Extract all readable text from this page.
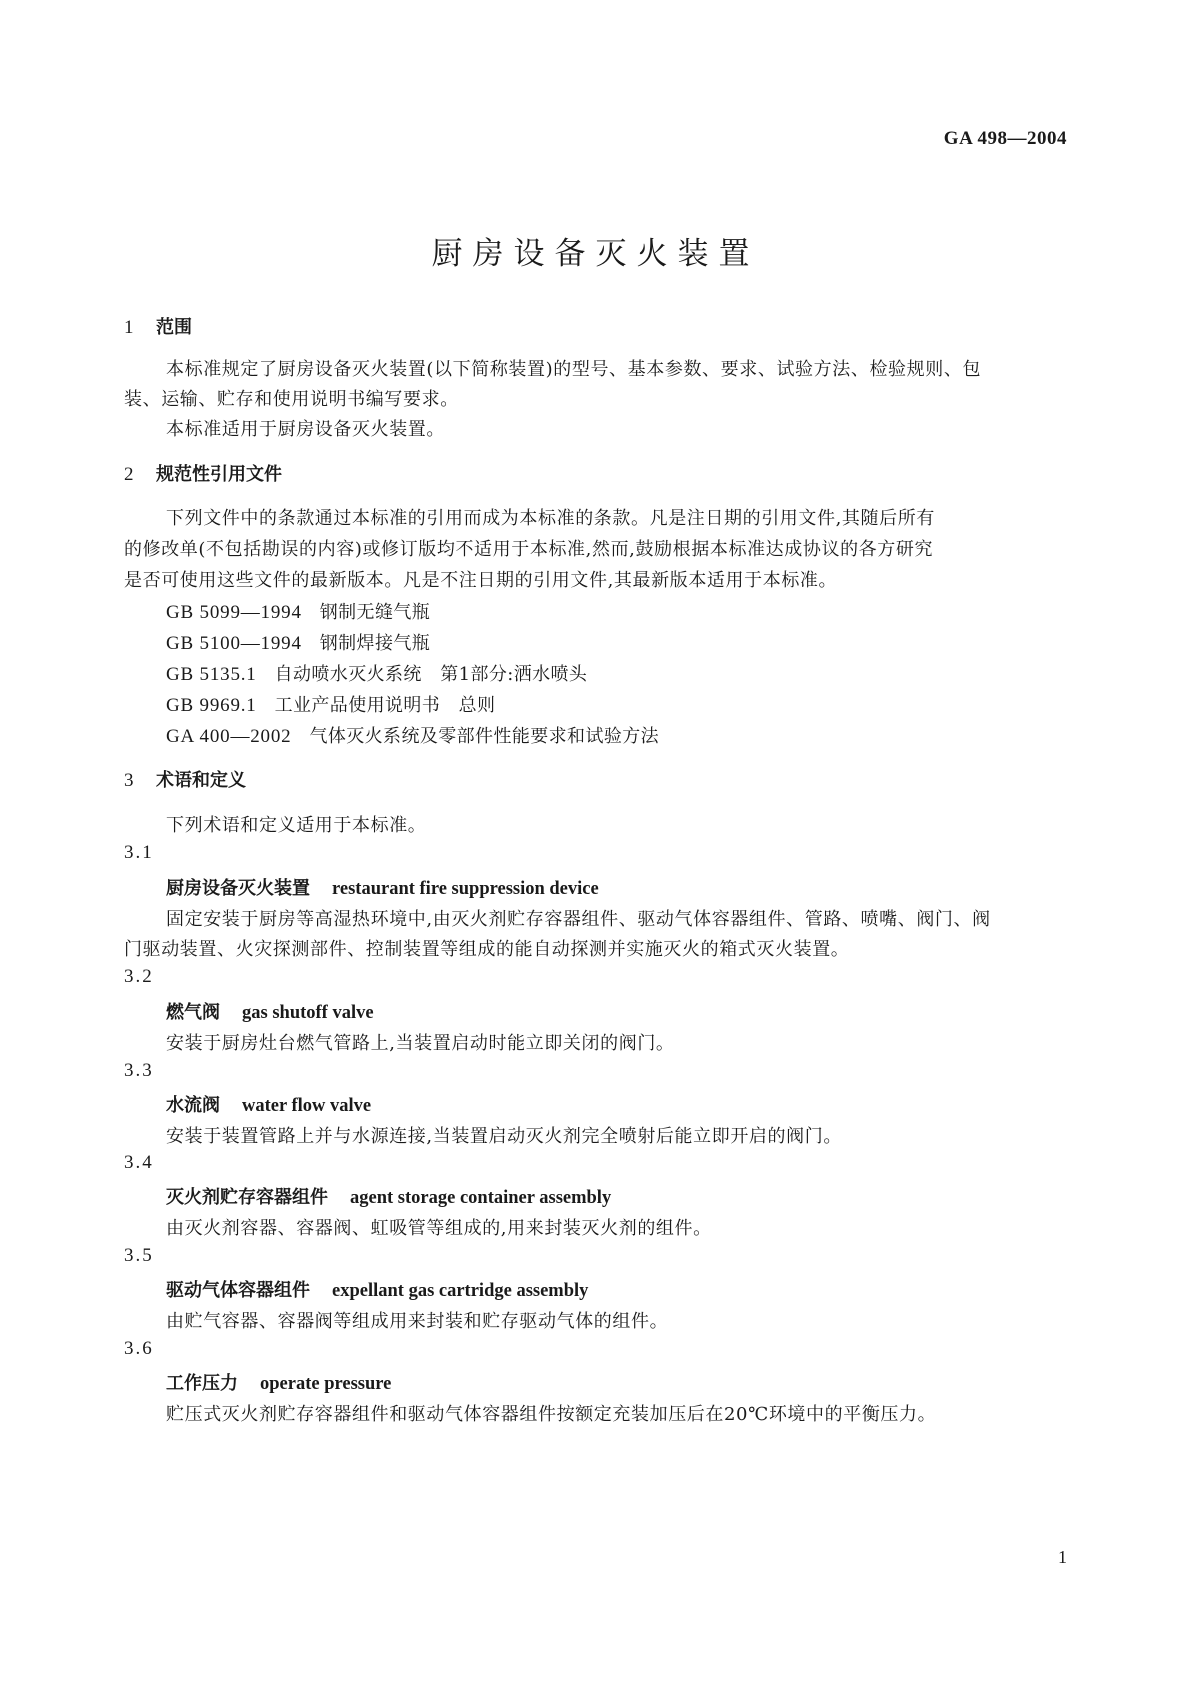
GA 498—2004
厨房设备灭火装置
1 范围
本标准规定了厨房设备灭火装置(以下简称装置)的型号、基本参数、要求、试验方法、检验规则、包
装、运输、贮存和使用说明书编写要求。
本标准适用于厨房设备灭火装置。
2 规范性引用文件
下列文件中的条款通过本标准的引用而成为本标准的条款。凡是注日期的引用文件,其随后所有
的修改单(不包括勘误的内容)或修订版均不适用于本标准,然而,鼓励根据本标准达成协议的各方研究
是否可使用这些文件的最新版本。凡是不注日期的引用文件,其最新版本适用于本标准。
GB 5099—1994 钢制无缝气瓶
GB 5100—1994 钢制焊接气瓶
GB 5135.1 自动喷水灭火系统　第1部分:洒水喷头
GB 9969.1 工业产品使用说明书　总则
GA 400—2002 气体灭火系统及零部件性能要求和试验方法
3 术语和定义
下列术语和定义适用于本标准。
3.1
厨房设备灭火装置 restaurant fire suppression device
固定安装于厨房等高湿热环境中,由灭火剂贮存容器组件、驱动气体容器组件、管路、喷嘴、阀门、阀
门驱动装置、火灾探测部件、控制装置等组成的能自动探测并实施灭火的箱式灭火装置。
3.2
燃气阀 gas shutoff valve
安装于厨房灶台燃气管路上,当装置启动时能立即关闭的阀门。
3.3
水流阀 water flow valve
安装于装置管路上并与水源连接,当装置启动灭火剂完全喷射后能立即开启的阀门。
3.4
灭火剂贮存容器组件 agent storage container assembly
由灭火剂容器、容器阀、虹吸管等组成的,用来封装灭火剂的组件。
3.5
驱动气体容器组件 expellant gas cartridge assembly
由贮气容器、容器阀等组成用来封装和贮存驱动气体的组件。
3.6
工作压力 operate pressure
贮压式灭火剂贮存容器组件和驱动气体容器组件按额定充装加压后在20℃环境中的平衡压力。
1
